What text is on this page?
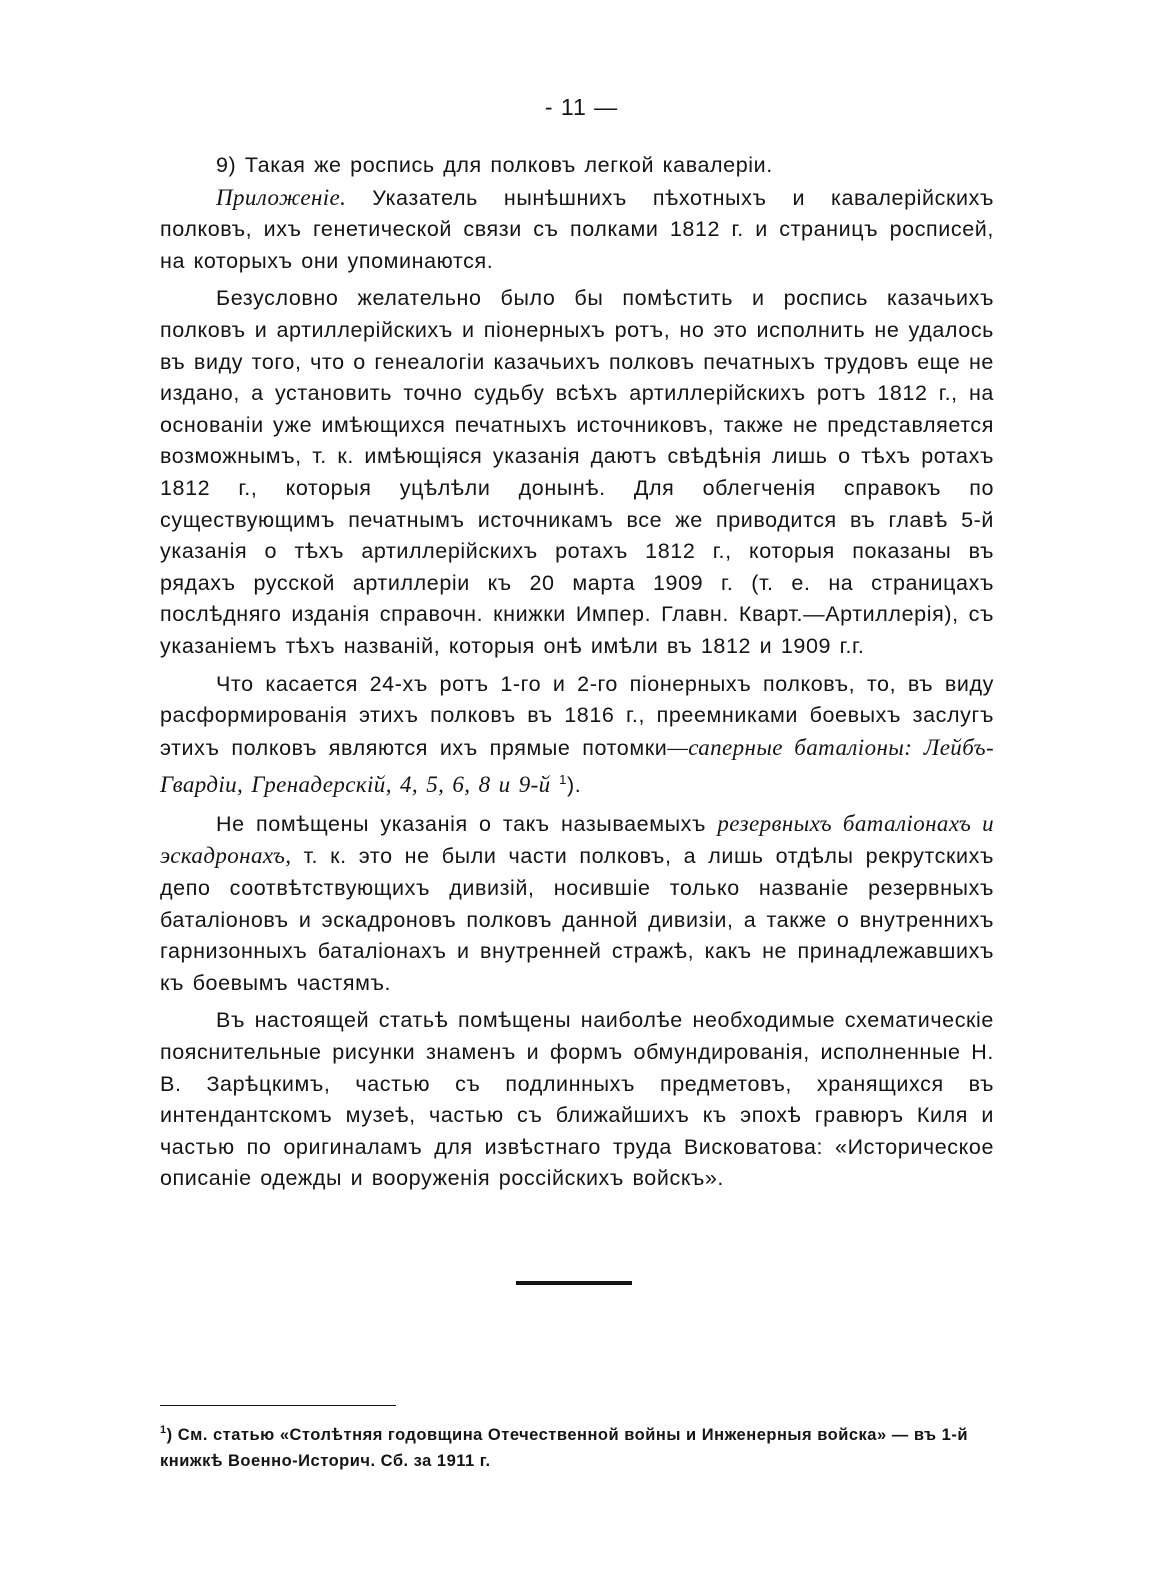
- 11 —

9) Такая же роспись для полковъ легкой кавалеріи.

Приложеніе. Указатель нынѣшнихъ пѣхотныхъ и кавалерійскихъ полковъ, ихъ генетической связи съ полками 1812 г. и страницъ росписей, на которыхъ они упоминаются.

Безусловно желательно было бы помѣстить и роспись казачьихъ полковъ и артиллерійскихъ и піонерныхъ ротъ, но это исполнить не удалось въ виду того, что о генеалогіи казачьихъ полковъ печатныхъ трудовъ еще не издано, а установить точно судьбу всѣхъ артиллерійскихъ ротъ 1812 г., на основаніи уже имѣющихся печатныхъ источниковъ, также не представляется возможнымъ, т. к. имѣющіяся указанія даютъ свѣдѣнія лишь о тѣхъ ротахъ 1812 г., которыя уцѣлѣли донынѣ. Для облегченія справокъ по существующимъ печатнымъ источникамъ все же приводится въ главѣ 5-й указанія о тѣхъ артиллерійскихъ ротахъ 1812 г., которыя показаны въ рядахъ русской артиллеріи къ 20 марта 1909 г. (т. е. на страницахъ послѣдняго изданія справочн. книжки Импер. Главн. Кварт.—Артиллерія), съ указаніемъ тѣхъ названій, которыя онѣ имѣли въ 1812 и 1909 г.г.

Что касается 24-хъ ротъ 1-го и 2-го піонерныхъ полковъ, то, въ виду расформированія этихъ полковъ въ 1816 г., преемниками боевыхъ заслугъ этихъ полковъ являются ихъ прямые потомки—саперные баталіоны: Лейбъ-Гвардіи, Гренадерскій, 4, 5, 6, 8 и 9-й $^1$).

Не помѣщены указанія о такъ называемыхъ резервныхъ баталіонахъ и эскадронахъ, т. к. это не были части полковъ, а лишь отдѣлы рекрутскихъ депо соотвѣтствующихъ дивизій, носившіе только названіе резервныхъ баталіоновъ и эскадроновъ полковъ данной дивизіи, а также о внутреннихъ гарнизонныхъ баталіонахъ и внутренней стражѣ, какъ не принадлежавшихъ къ боевымъ частямъ.

Въ настоящей статьѣ помѣщены наиболѣе необходимые схематическіе пояснительные рисунки знаменъ и формъ обмундированія, исполненные Н. В. Зарѣцкимъ, частью съ подлинныхъ предметовъ, хранящихся въ интендантскомъ музеѣ, частью съ ближайшихъ къ эпохѣ гравюръ Киля и частью по оригиналамъ для извѣстнаго труда Висковатова: «Историческое описаніе одежды и вооруженія россійскихъ войскъ».

$^1$) См. статью «Столѣтняя годовщина Отечественной войны и Инженерныя войска» — въ 1-й книжкѣ Военно-Историч. Сб. за 1911 г.
